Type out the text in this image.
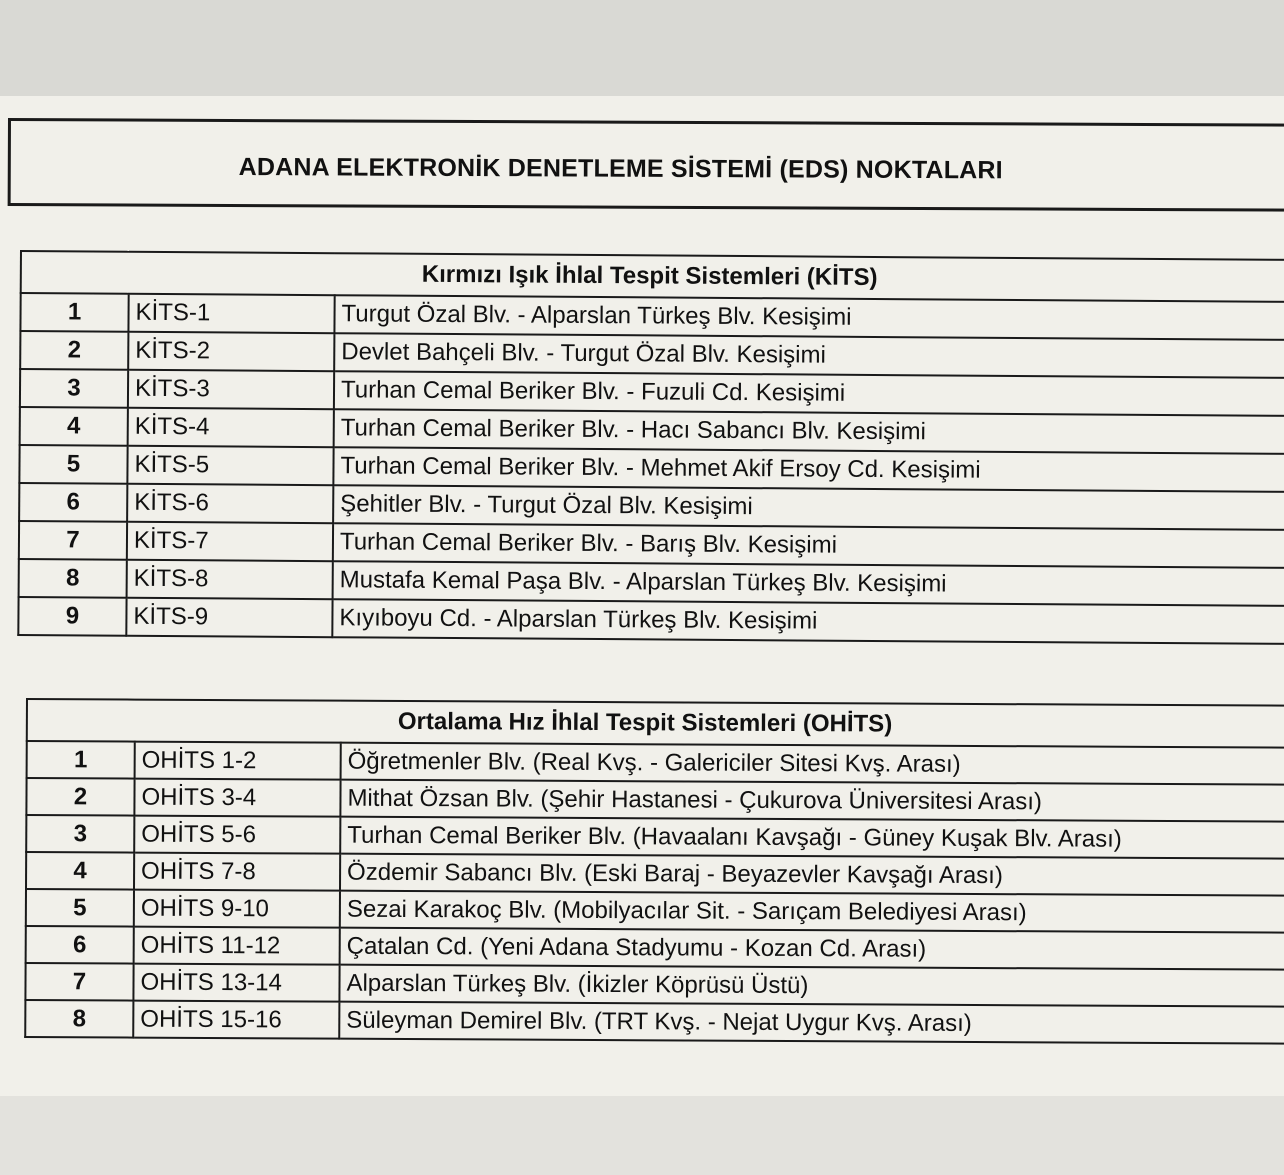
ADANA ELEKTRONİK DENETLEME SİSTEMİ (EDS) NOKTALARI
Kırmızı Işık İhlal Tespit Sistemleri (KİTS)		
1	KİTS-1	Turgut Özal Blv. - Alparslan Türkeş Blv. Kesişimi
2	KİTS-2	Devlet Bahçeli Blv. - Turgut Özal Blv. Kesişimi
3	KİTS-3	Turhan Cemal Beriker Blv. - Fuzuli Cd. Kesişimi
4	KİTS-4	Turhan Cemal Beriker Blv. - Hacı Sabancı Blv. Kesişimi
5	KİTS-5	Turhan Cemal Beriker Blv. - Mehmet Akif Ersoy Cd. Kesişimi
6	KİTS-6	Şehitler Blv. - Turgut Özal Blv. Kesişimi
7	KİTS-7	Turhan Cemal Beriker Blv. - Barış Blv. Kesişimi
8	KİTS-8	Mustafa Kemal Paşa Blv. - Alparslan Türkeş Blv. Kesişimi
9	KİTS-9	Kıyıboyu Cd. - Alparslan Türkeş Blv. Kesişimi
Ortalama Hız İhlal Tespit Sistemleri (OHİTS)		
1	OHİTS 1-2	Öğretmenler Blv. (Real Kvş. - Galericiler Sitesi Kvş. Arası)
2	OHİTS 3-4	Mithat Özsan Blv. (Şehir Hastanesi - Çukurova Üniversitesi Arası)
3	OHİTS 5-6	Turhan Cemal Beriker Blv. (Havaalanı Kavşağı - Güney Kuşak Blv. Arası)
4	OHİTS 7-8	Özdemir Sabancı Blv. (Eski Baraj - Beyazevler Kavşağı Arası)
5	OHİTS 9-10	Sezai Karakoç Blv. (Mobilyacılar Sit. - Sarıçam Belediyesi Arası)
6	OHİTS 11-12	Çatalan Cd. (Yeni Adana Stadyumu - Kozan Cd. Arası)
7	OHİTS 13-14	Alparslan Türkeş Blv. (İkizler Köprüsü Üstü)
8	OHİTS 15-16	Süleyman Demirel Blv. (TRT Kvş. - Nejat Uygur Kvş. Arası)
